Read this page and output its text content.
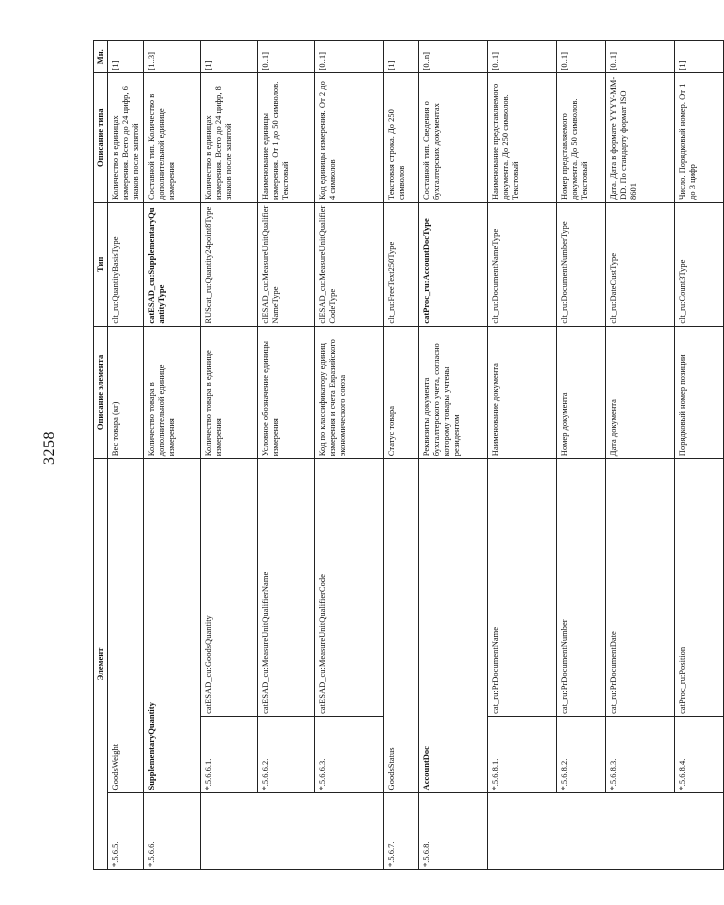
3258
Элемент			Описание элемента	Тип	Описание типа	Мн.
*.5.6.5.	GoodsWeight		Вес товара (кг)	clt_ru:QuantityBasisType	Количество в единицах измерения. Всего до 24 цифр, 6 знаков после запятой	[1]
*.5.6.6.	SupplementaryQuantity		Количество товара в дополнительной единице измерения	catESAD_cu:SupplementaryQuantityType	Составной тип. Количество в дополнительной единице измерения	[1..3]
	*.5.6.6.1.	catESAD_cu:GoodsQuantity	Количество товара в единице измерения	RUScat_ru:Quantity24point8Type	Количество в единицах измерения. Всего до 24 цифр, 8 знаков после запятой	[1]
	*.5.6.6.2.	catESAD_cu:MeasureUnitQualifierName	Условное обозначение единицы измерения	clESAD_cu:MeasureUnitQualifierNameType	Наименование единицы измерения. От 1 до 50 символов. Текстовый	[0..1]
	*.5.6.6.3.	catESAD_cu:MeasureUnitQualifierCode	Код по классификатору единиц измерения и счета Евразийского экономического союза	clESAD_cu:MeasureUnitQualifierCodeType	Код единицы измерения. От 2 до 4 символов	[0..1]
*.5.6.7.	GoodsStatus		Статус товара	clt_ru:FreeText250Type	Текстовая строка. До 250 символов	[1]
*.5.6.8.	AccountDoc		Реквизиты документа бухгалтерского учета, согласно которому товары учтены резидентом	catProc_ru:AccountDocType	Составной тип. Сведения о бухгалтерских документах	[0..n]
	*.5.6.8.1.	cat_ru:PrDocumentName	Наименование документа	clt_ru:DocumentNameType	Наименование представляемого документа. До 250 символов. Текстовый	[0..1]
	*.5.6.8.2.	cat_ru:PrDocumentNumber	Номер документа	clt_ru:DocumentNumberType	Номер представляемого документа. До 50 символов. Текстовый	[0..1]
	*.5.6.8.3.	cat_ru:PrDocumentDate	Дата документа	clt_ru:DateCustType	Дата. Дата в формате YYYY-MM-DD. По стандарту формат ISO 8601	[0..1]
	*.5.6.8.4.	catProc_ru:Position	Порядковый номер позиции	clt_ru:Count3Type	Число. Порядковый номер. От 1 до 3 цифр	[1]
